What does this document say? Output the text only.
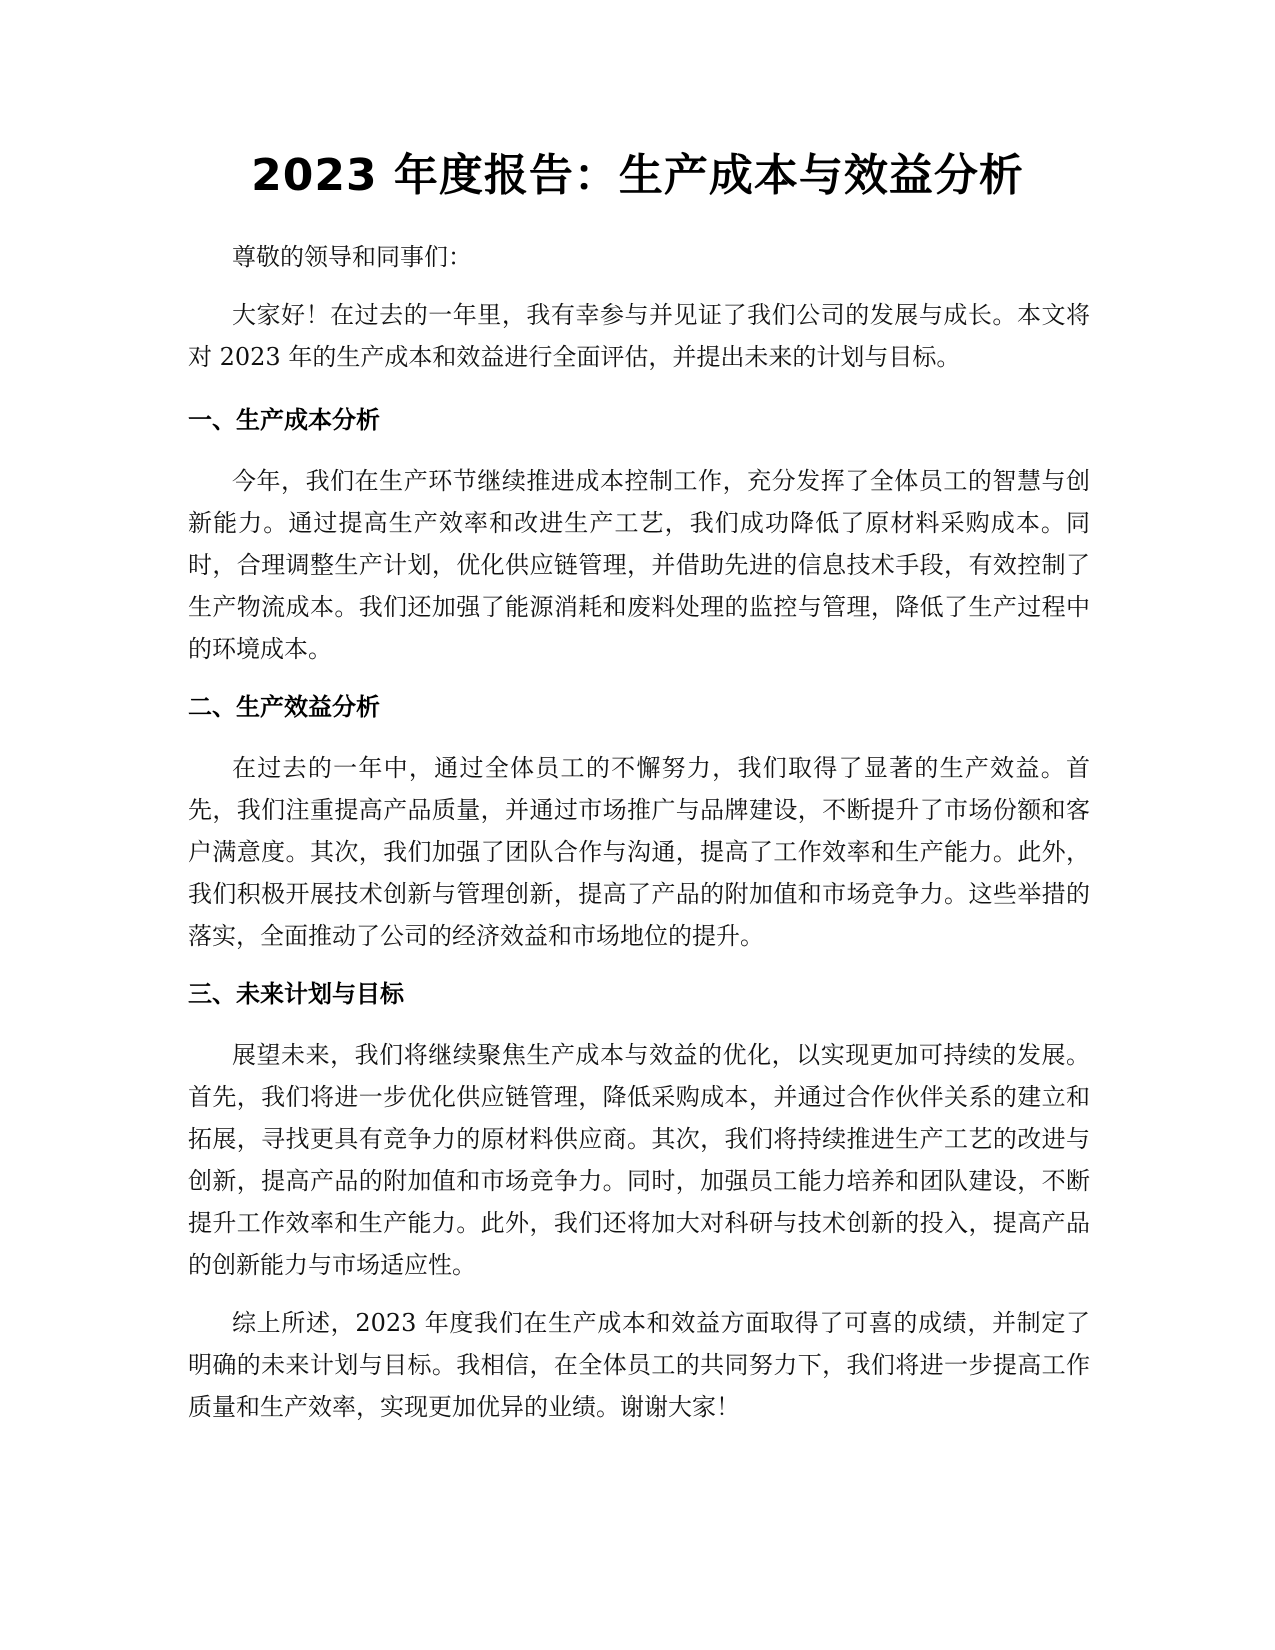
2023 年度报告：生产成本与效益分析

尊敬的领导和同事们：

大家好！在过去的一年里，我有幸参与并见证了我们公司的发展与成长。本文将对 2023 年的生产成本和效益进行全面评估，并提出未来的计划与目标。

一、生产成本分析

今年，我们在生产环节继续推进成本控制工作，充分发挥了全体员工的智慧与创新能力。通过提高生产效率和改进生产工艺，我们成功降低了原材料采购成本。同时，合理调整生产计划，优化供应链管理，并借助先进的信息技术手段，有效控制了生产物流成本。我们还加强了能源消耗和废料处理的监控与管理，降低了生产过程中的环境成本。

二、生产效益分析

在过去的一年中，通过全体员工的不懈努力，我们取得了显著的生产效益。首先，我们注重提高产品质量，并通过市场推广与品牌建设，不断提升了市场份额和客户满意度。其次，我们加强了团队合作与沟通，提高了工作效率和生产能力。此外，我们积极开展技术创新与管理创新，提高了产品的附加值和市场竞争力。这些举措的落实，全面推动了公司的经济效益和市场地位的提升。

三、未来计划与目标

展望未来，我们将继续聚焦生产成本与效益的优化，以实现更加可持续的发展。首先，我们将进一步优化供应链管理，降低采购成本，并通过合作伙伴关系的建立和拓展，寻找更具有竞争力的原材料供应商。其次，我们将持续推进生产工艺的改进与创新，提高产品的附加值和市场竞争力。同时，加强员工能力培养和团队建设，不断提升工作效率和生产能力。此外，我们还将加大对科研与技术创新的投入，提高产品的创新能力与市场适应性。

综上所述，2023 年度我们在生产成本和效益方面取得了可喜的成绩，并制定了明确的未来计划与目标。我相信，在全体员工的共同努力下，我们将进一步提高工作质量和生产效率，实现更加优异的业绩。谢谢大家！
